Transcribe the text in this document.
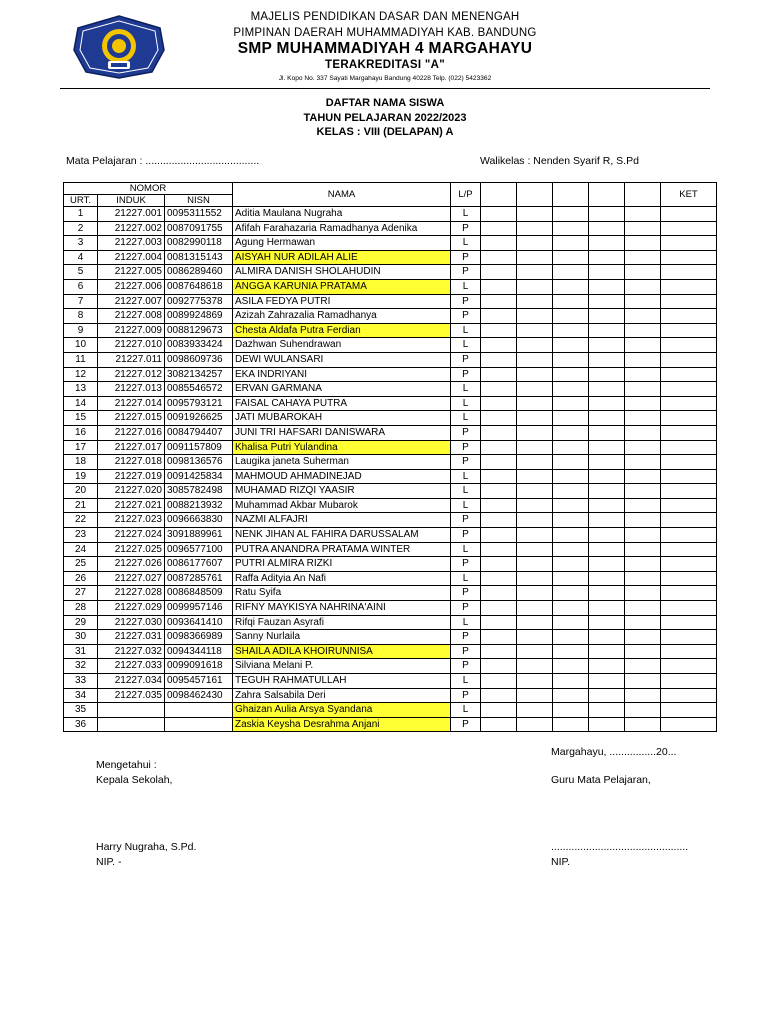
MAJELIS PENDIDIKAN DASAR DAN MENENGAH
PIMPINAN DAERAH MUHAMMADIYAH KAB. BANDUNG
SMP MUHAMMADIYAH 4 MARGAHAYU
TERAKREDITASI "A"
Jl. Kopo No. 337 Sayati Margahayu Bandung 40228 Telp. (022) 5423362
DAFTAR NAMA SISWA
TAHUN PELAJARAN 2022/2023
KELAS : VIII (DELAPAN) A
Mata Pelajaran : .......................................	Walikelas : Nenden Syarif R, S.Pd
NOMOR			NAMA	L/P						KET
URT.	INDUK	NISN								
1	21227.001	0095311552	Aditia Maulana Nugraha	L						
2	21227.002	0087091755	Afifah Farahazaria Ramadhanya Adenika	P						
3	21227.003	0082990118	Agung Hermawan	L						
4	21227.004	0081315143	AISYAH NUR ADILAH ALIE	P						
5	21227.005	0086289460	ALMIRA DANISH SHOLAHUDIN	P						
6	21227.006	0087648618	ANGGA KARUNIA PRATAMA	L						
7	21227.007	0092775378	ASILA FEDYA PUTRI	P						
8	21227.008	0089924869	Azizah Zahrazalia Ramadhanya	P						
9	21227.009	0088129673	Chesta Aldafa Putra Ferdian	L						
10	21227.010	0083933424	Dazhwan Suhendrawan	L						
11	21227.011	0098609736	DEWI WULANSARI	P						
12	21227.012	3082134257	EKA INDRIYANI	P						
13	21227.013	0085546572	ERVAN GARMANA	L						
14	21227.014	0095793121	FAISAL CAHAYA PUTRA	L						
15	21227.015	0091926625	JATI MUBAROKAH	L						
16	21227.016	0084794407	JUNI TRI HAFSARI DANISWARA	P						
17	21227.017	0091157809	Khalisa Putri Yulandina	P						
18	21227.018	0098136576	Laugika janeta Suherman	P						
19	21227.019	0091425834	MAHMOUD AHMADINEJAD	L						
20	21227.020	3085782498	MUHAMAD RIZQI YAASIR	L						
21	21227.021	0088213932	Muhammad Akbar Mubarok	L						
22	21227.023	0096663830	NAZMI ALFAJRI	P						
23	21227.024	3091889961	NENK JIHAN AL FAHIRA DARUSSALAM	P						
24	21227.025	0096577100	PUTRA ANANDRA PRATAMA WINTER	L						
25	21227.026	0086177607	PUTRI ALMIRA RIZKI	P						
26	21227.027	0087285761	Raffa Adityia An Nafi	L						
27	21227.028	0086848509	Ratu Syifa	P						
28	21227.029	0099957146	RIFNY MAYKISYA NAHRINA'AINI	P						
29	21227.030	0093641410	Rifqi Fauzan Asyrafi	L						
30	21227.031	0098366989	Sanny Nurlaila	P						
31	21227.032	0094344118	SHAILA ADILA KHOIRUNNISA	P						
32	21227.033	0099091618	Silviana Melani P.	P						
33	21227.034	0095457161	TEGUH RAHMATULLAH	L						
34	21227.035	0098462430	Zahra Salsabila Deri	P						
35			Ghaizan Aulia Arsya Syandana	L						
36			Zaskia Keysha Desrahma Anjani	P						
Margahayu, ................20...
Mengetahui :
Kepala Sekolah,	Guru Mata Pelajaran,
Harry Nugraha, S.Pd.	...............................................
NIP. -	NIP.
